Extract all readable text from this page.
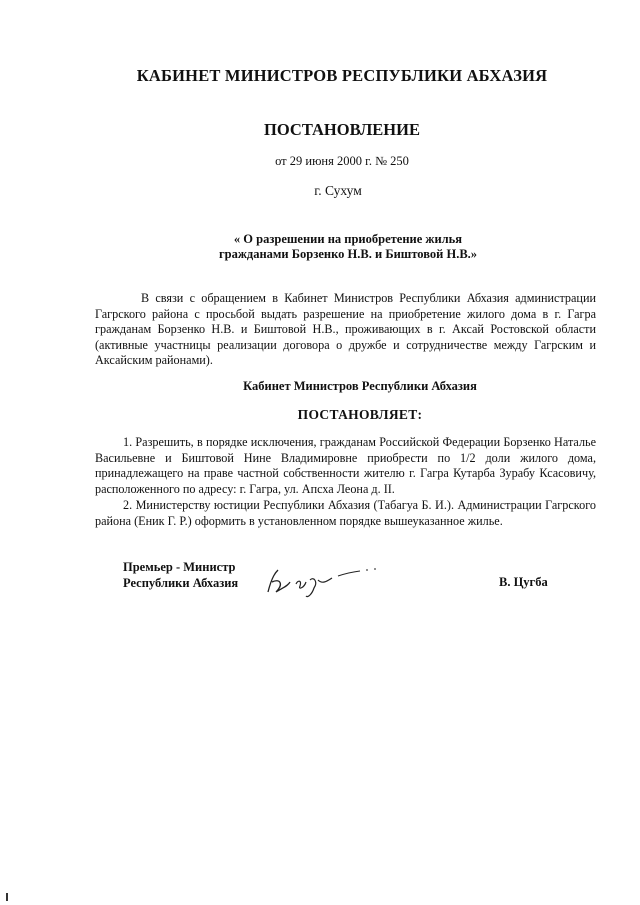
КАБИНЕТ МИНИСТРОВ РЕСПУБЛИКИ АБХАЗИЯ
ПОСТАНОВЛЕНИЕ
от 29 июня 2000 г. № 250
г. Сухум
« О разрешении на приобретение жилья
гражданами Борзенко Н.В. и Биштовой Н.В.»
В связи с обращением в Кабинет Министров Республики Абхазия администрации Гагрского района с просьбой выдать разрешение на приобретение жилого дома в г. Гагра гражданам Борзенко Н.В. и Биштовой Н.В., проживающих в г. Аксай Ростовской области (активные участницы реализации договора о дружбе и сотрудничестве между Гагрским и Аксайским районами).
Кабинет Министров Республики Абхазия
ПОСТАНОВЛЯЕТ:
1. Разрешить, в порядке исключения, гражданам Российской Федерации Борзенко Наталье Васильевне и Биштовой Нине Владимировне приобрести по 1/2 доли жилого дома, принадлежащего на праве частной собственности жителю г. Гагра Кутарба Зурабу Ксасовичу, расположенного по адресу: г. Гагра, ул. Апсха Леона д. II.
2. Министерству юстиции Республики Абхазия (Табагуа Б. И.). Администрации Гагрского района (Еник Г. Р.) оформить в установленном порядке вышеуказанное жилье.
Премьер - Министр
Республики Абхазия	В. Цугба
